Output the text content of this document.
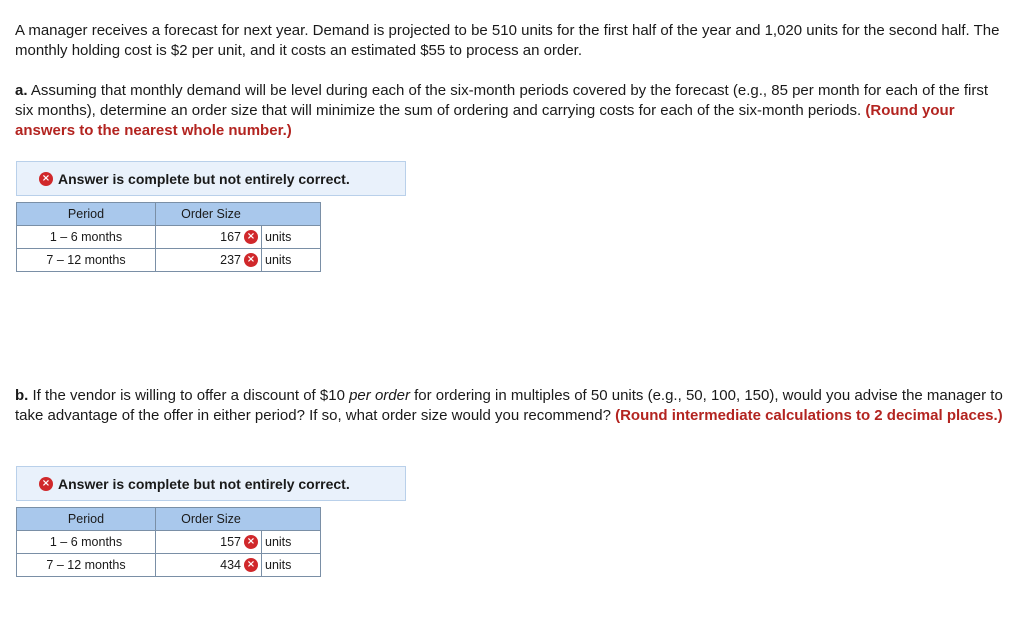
A manager receives a forecast for next year. Demand is projected to be 510 units for the first half of the year and 1,020 units for the second half. The monthly holding cost is $2 per unit, and it costs an estimated $55 to process an order.

a. Assuming that monthly demand will be level during each of the six-month periods covered by the forecast (e.g., 85 per month for each of the first six months), determine an order size that will minimize the sum of ordering and carrying costs for each of the six-month periods. (Round your answers to the nearest whole number.)

× Answer is complete but not entirely correct.
Period	Order Size	
1 – 6 months	167 ×	units
7 – 12 months	237 ×	units

b. If the vendor is willing to offer a discount of $10 per order for ordering in multiples of 50 units (e.g., 50, 100, 150), would you advise the manager to take advantage of the offer in either period? If so, what order size would you recommend? (Round intermediate calculations to 2 decimal places.)

× Answer is complete but not entirely correct.
Period	Order Size	
1 – 6 months	157 ×	units
7 – 12 months	434 ×	units
